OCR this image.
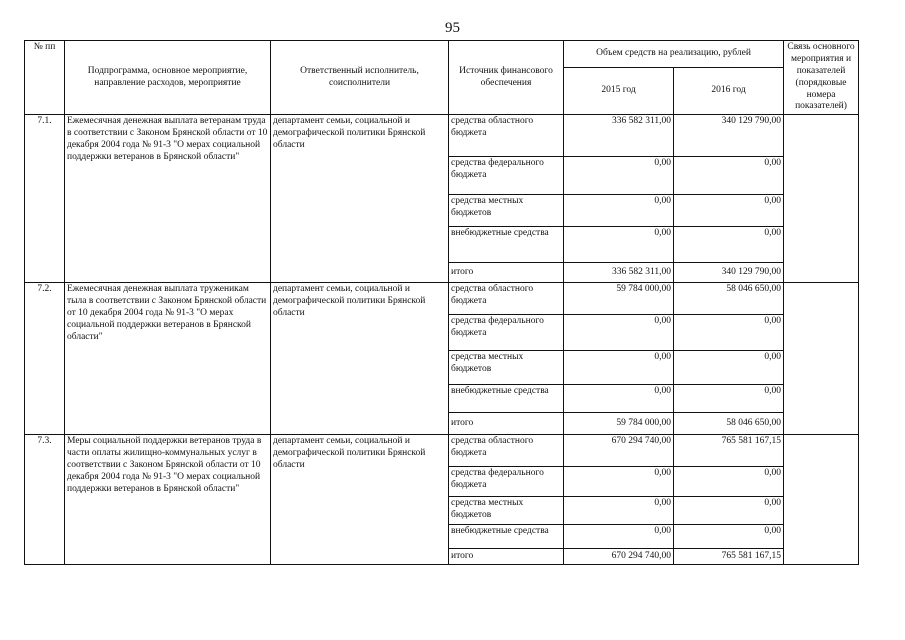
95
№ пп	Подпрограмма, основное мероприятие, направление расходов, мероприятие	Ответственный исполнитель, соисполнители	Источник финансового обеспечения	Объем средств на реализацию, рублей		Связь основного мероприятия и показателей (порядковые номера показателей)
				2015 год	2016 год	
7.1.	Ежемесячная денежная выплата ветеранам труда в соответствии с Законом Брянской области от 10 декабря 2004 года № 91-3 "О мерах социальной поддержки ветеранов в Брянской области"	департамент семьи, социальной и демографической политики Брянской области	средства областного бюджета	336 582 311,00	340 129 790,00	
			средства федерального бюджета	0,00	0,00	
			средства местных бюджетов	0,00	0,00	
			внебюджетные средства	0,00	0,00	
			итого	336 582 311,00	340 129 790,00	
7.2.	Ежемесячная денежная выплата труженикам тыла в соответствии с Законом Брянской области от 10 декабря 2004 года № 91-3 "О мерах социальной поддержки ветеранов в Брянской области"	департамент семьи, социальной и демографической политики Брянской области	средства областного бюджета	59 784 000,00	58 046 650,00	
			средства федерального бюджета	0,00	0,00	
			средства местных бюджетов	0,00	0,00	
			внебюджетные средства	0,00	0,00	
			итого	59 784 000,00	58 046 650,00	
7.3.	Меры социальной поддержки ветеранов труда в части оплаты жилищно-коммунальных услуг в соответствии с Законом Брянской области от 10 декабря 2004 года № 91-3 "О мерах социальной поддержки ветеранов в Брянской области"	департамент семьи, социальной и демографической политики Брянской области	средства областного бюджета	670 294 740,00	765 581 167,15	
			средства федерального бюджета	0,00	0,00	
			средства местных бюджетов	0,00	0,00	
			внебюджетные средства	0,00	0,00	
			итого	670 294 740,00	765 581 167,15	
